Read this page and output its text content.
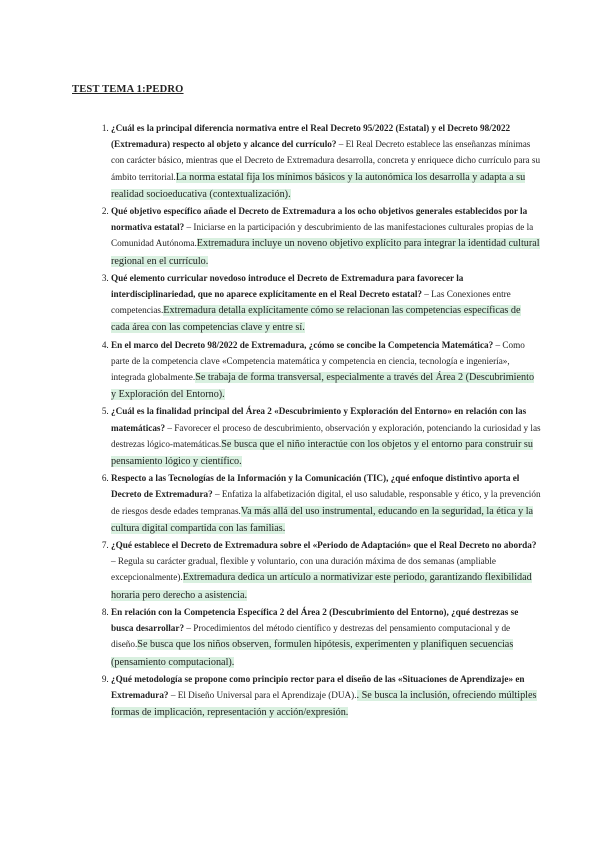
TEST TEMA 1:PEDRO
1. ¿Cuál es la principal diferencia normativa entre el Real Decreto 95/2022 (Estatal) y el Decreto 98/2022 (Extremadura) respecto al objeto y alcance del currículo? – El Real Decreto establece las enseñanzas mínimas con carácter básico, mientras que el Decreto de Extremadura desarrolla, concreta y enriquece dicho currículo para su ámbito territorial.La norma estatal fija los mínimos básicos y la autonómica los desarrolla y adapta a su realidad socioeducativa (contextualización).
2. Qué objetivo específico añade el Decreto de Extremadura a los ocho objetivos generales establecidos por la normativa estatal? – Iniciarse en la participación y descubrimiento de las manifestaciones culturales propias de la Comunidad Autónoma.Extremadura incluye un noveno objetivo explícito para integrar la identidad cultural regional en el currículo.
3. Qué elemento curricular novedoso introduce el Decreto de Extremadura para favorecer la interdisciplinariedad, que no aparece explícitamente en el Real Decreto estatal? – Las Conexiones entre competencias.Extremadura detalla explícitamente cómo se relacionan las competencias específicas de cada área con las competencias clave y entre sí.
4. En el marco del Decreto 98/2022 de Extremadura, ¿cómo se concibe la Competencia Matemática? – Como parte de la competencia clave «Competencia matemática y competencia en ciencia, tecnología e ingeniería», integrada globalmente.Se trabaja de forma transversal, especialmente a través del Área 2 (Descubrimiento y Exploración del Entorno).
5. ¿Cuál es la finalidad principal del Área 2 «Descubrimiento y Exploración del Entorno» en relación con las matemáticas? – Favorecer el proceso de descubrimiento, observación y exploración, potenciando la curiosidad y las destrezas lógico-matemáticas.Se busca que el niño interactúe con los objetos y el entorno para construir su pensamiento lógico y científico.
6. Respecto a las Tecnologías de la Información y la Comunicación (TIC), ¿qué enfoque distintivo aporta el Decreto de Extremadura? – Enfatiza la alfabetización digital, el uso saludable, responsable y ético, y la prevención de riesgos desde edades tempranas.Va más allá del uso instrumental, educando en la seguridad, la ética y la cultura digital compartida con las familias.
7. ¿Qué establece el Decreto de Extremadura sobre el «Periodo de Adaptación» que el Real Decreto no aborda? – Regula su carácter gradual, flexible y voluntario, con una duración máxima de dos semanas (ampliable excepcionalmente).Extremadura dedica un artículo a normativizar este periodo, garantizando flexibilidad horaria pero derecho a asistencia.
8. En relación con la Competencia Específica 2 del Área 2 (Descubrimiento del Entorno), ¿qué destrezas se busca desarrollar? – Procedimientos del método científico y destrezas del pensamiento computacional y de diseño.Se busca que los niños observen, formulen hipótesis, experimenten y planifiquen secuencias (pensamiento computacional).
9. ¿Qué metodología se propone como principio rector para el diseño de las «Situaciones de Aprendizaje» en Extremadura? – El Diseño Universal para el Aprendizaje (DUA).. Se busca la inclusión, ofreciendo múltiples formas de implicación, representación y acción/expresión.
